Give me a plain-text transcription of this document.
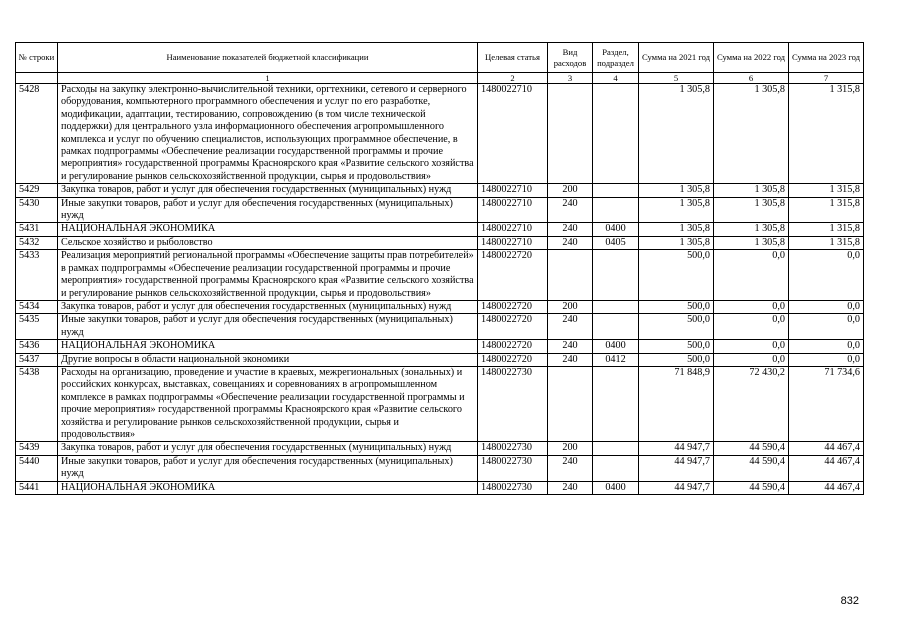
№ строки	Наименование показателей бюджетной классификации	Целевая статья	Вид расходов	Раздел, подраздел	Сумма на 2021 год	Сумма на 2022 год	Сумма на 2023 год
	1	2	3	4	5	6	7
5428	Расходы на закупку электронно-вычислительной техники, оргтехники, сетевого и серверного оборудования, компьютерного программного обеспечения и услуг по его разработке, модификации, адаптации, тестированию, сопровождению (в том числе технической поддержки) для центрального узла информационного обеспечения агропромышленного комплекса и услуг по обучению специалистов, использующих программное обеспечение, в рамках подпрограммы «Обеспечение реализации государственной программы и прочие мероприятия» государственной программы Красноярского края «Развитие сельского хозяйства и регулирование рынков сельскохозяйственной продукции, сырья и продовольствия»	1480022710			1 305,8	1 305,8	1 315,8
5429	Закупка товаров, работ и услуг для обеспечения государственных (муниципальных) нужд	1480022710	200		1 305,8	1 305,8	1 315,8
5430	Иные закупки товаров, работ и услуг для обеспечения государственных (муниципальных) нужд	1480022710	240		1 305,8	1 305,8	1 315,8
5431	НАЦИОНАЛЬНАЯ ЭКОНОМИКА	1480022710	240	0400	1 305,8	1 305,8	1 315,8
5432	Сельское хозяйство и рыболовство	1480022710	240	0405	1 305,8	1 305,8	1 315,8
5433	Реализация мероприятий региональной программы «Обеспечение защиты прав потребителей» в рамках подпрограммы «Обеспечение реализации государственной программы и прочие мероприятия» государственной программы Красноярского края «Развитие сельского хозяйства и регулирование рынков сельскохозяйственной продукции, сырья и продовольствия»	1480022720			500,0	0,0	0,0
5434	Закупка товаров, работ и услуг для обеспечения государственных (муниципальных) нужд	1480022720	200		500,0	0,0	0,0
5435	Иные закупки товаров, работ и услуг для обеспечения государственных (муниципальных) нужд	1480022720	240		500,0	0,0	0,0
5436	НАЦИОНАЛЬНАЯ ЭКОНОМИКА	1480022720	240	0400	500,0	0,0	0,0
5437	Другие вопросы в области национальной экономики	1480022720	240	0412	500,0	0,0	0,0
5438	Расходы на организацию, проведение и участие в краевых, межрегиональных (зональных) и российских конкурсах, выставках, совещаниях и соревнованиях в агропромышленном комплексе в рамках подпрограммы «Обеспечение реализации государственной программы и прочие мероприятия» государственной программы Красноярского края «Развитие сельского хозяйства и регулирование рынков сельскохозяйственной продукции, сырья и продовольствия»	1480022730			71 848,9	72 430,2	71 734,6
5439	Закупка товаров, работ и услуг для обеспечения государственных (муниципальных) нужд	1480022730	200		44 947,7	44 590,4	44 467,4
5440	Иные закупки товаров, работ и услуг для обеспечения государственных (муниципальных) нужд	1480022730	240		44 947,7	44 590,4	44 467,4
5441	НАЦИОНАЛЬНАЯ ЭКОНОМИКА	1480022730	240	0400	44 947,7	44 590,4	44 467,4
832
